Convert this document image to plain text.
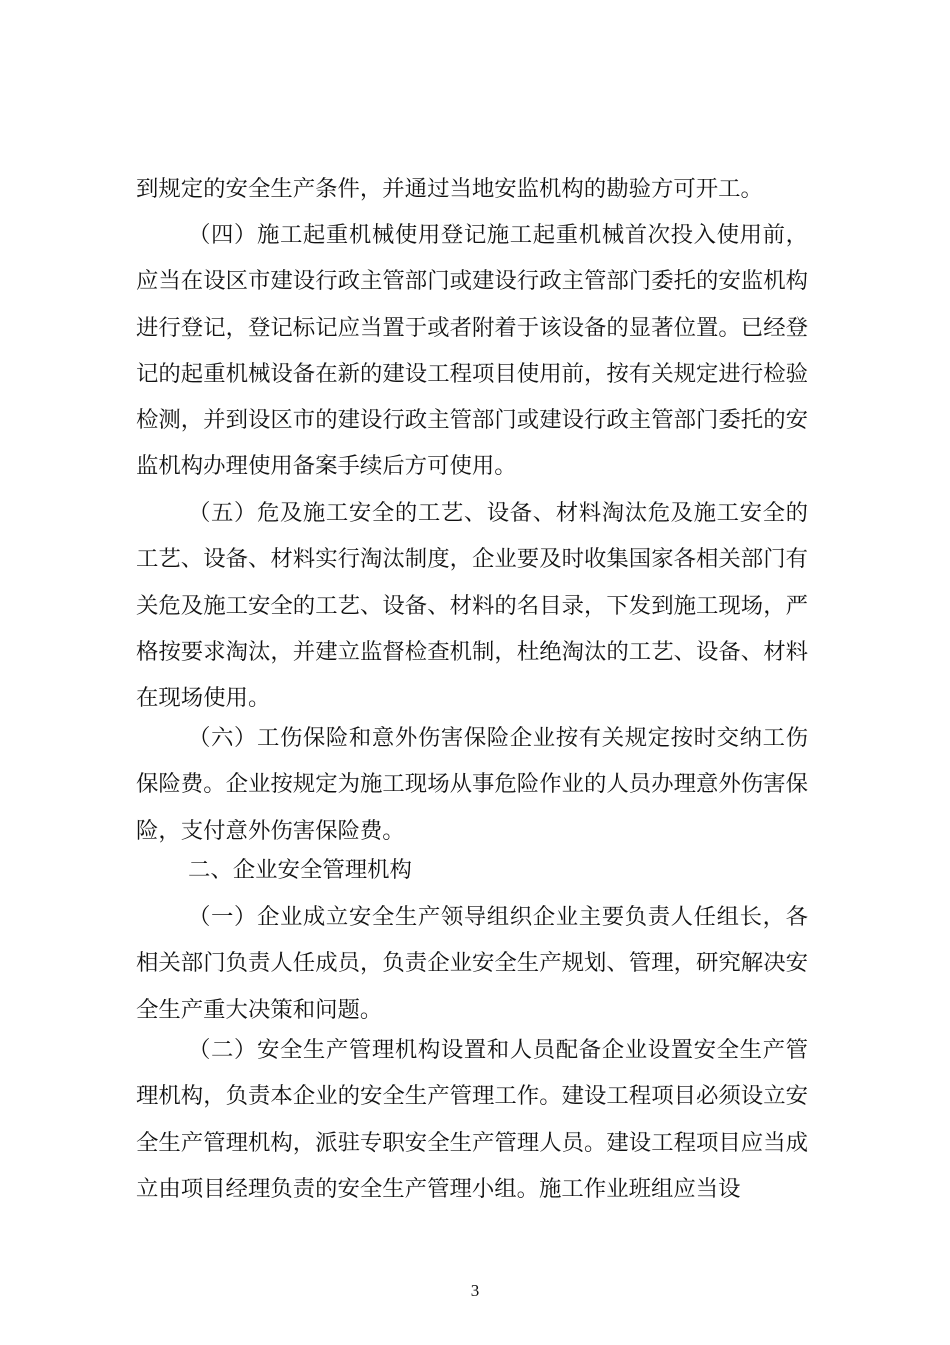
到规定的安全生产条件，并通过当地安监机构的勘验方可开工。

（四）施工起重机械使用登记施工起重机械首次投入使用前，应当在设区市建设行政主管部门或建设行政主管部门委托的安监机构进行登记，登记标记应当置于或者附着于该设备的显著位置。已经登记的起重机械设备在新的建设工程项目使用前，按有关规定进行检验检测，并到设区市的建设行政主管部门或建设行政主管部门委托的安监机构办理使用备案手续后方可使用。

（五）危及施工安全的工艺、设备、材料淘汰危及施工安全的工艺、设备、材料实行淘汰制度，企业要及时收集国家各相关部门有关危及施工安全的工艺、设备、材料的名目录，下发到施工现场，严格按要求淘汰，并建立监督检查机制，杜绝淘汰的工艺、设备、材料在现场使用。

（六）工伤保险和意外伤害保险企业按有关规定按时交纳工伤保险费。企业按规定为施工现场从事危险作业的人员办理意外伤害保险，支付意外伤害保险费。

二、企业安全管理机构

（一）企业成立安全生产领导组织企业主要负责人任组长，各相关部门负责人任成员，负责企业安全生产规划、管理，研究解决安全生产重大决策和问题。

（二）安全生产管理机构设置和人员配备企业设置安全生产管理机构，负责本企业的安全生产管理工作。建设工程项目必须设立安全生产管理机构，派驻专职安全生产管理人员。建设工程项目应当成立由项目经理负责的安全生产管理小组。施工作业班组应当设

3
